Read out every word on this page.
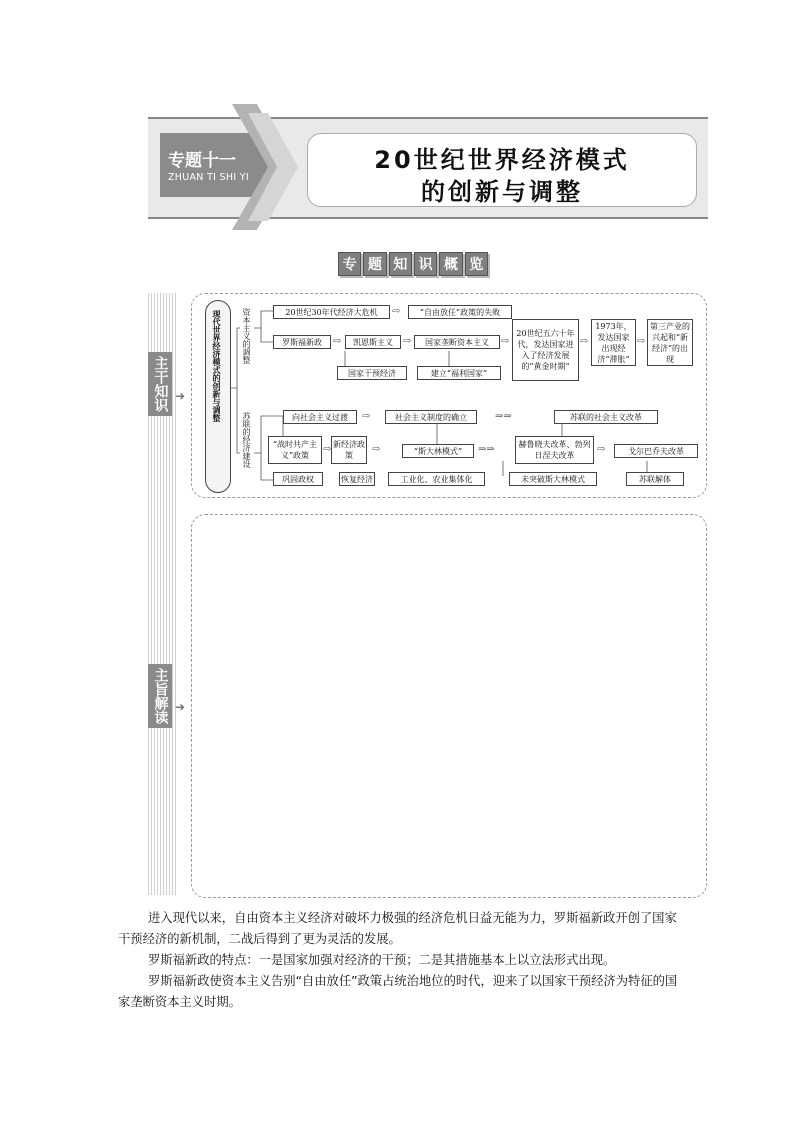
专题十一
ZHUAN TI SHI YI
20世纪世界经济模式
的创新与调整
专 题 知 识 概 览
主干知识 ➜
主旨解读 ➜
现代世界经济模式的创新与调整	资本主义的调整
苏联的经济建设
20世纪30年代经济大危机	⇨	“自由放任”政策的失败
罗斯福新政	⇨	凯恩斯主义	⇨	国家垄断资本主义	⇨
国家干预经济	建立“福利国家”
20世纪五六十年代，发达国家进入了经济发展的“黄金时期”
⇨
1973年，发达国家出现经济“滞胀”
⇨
第三产业的兴起和“新经济”的出现
向社会主义过渡	⇨	社会主义制度的确立	⇒⇒	苏联的社会主义改革
“战时共产主义”政策
⇨ 新经济政策
⇨	“斯大林模式”	⇒⇒	赫鲁晓夫改革、勃列日涅夫改革
⇨	戈尔巴乔夫改革
巩固政权	恢复经济	工业化、农业集体化	未突破斯大林模式	苏联解体
进入现代以来，自由资本主义经济对破坏力极强的经济危机日益无能为力，罗斯福新政开创了国家干预经济的新机制，二战后得到了更为灵活的发展。
罗斯福新政的特点：一是国家加强对经济的干预；二是其措施基本上以立法形式出现。
罗斯福新政使资本主义告别“自由放任”政策占统治地位的时代，迎来了以国家干预经济为特征的国家垄断资本主义时期。
